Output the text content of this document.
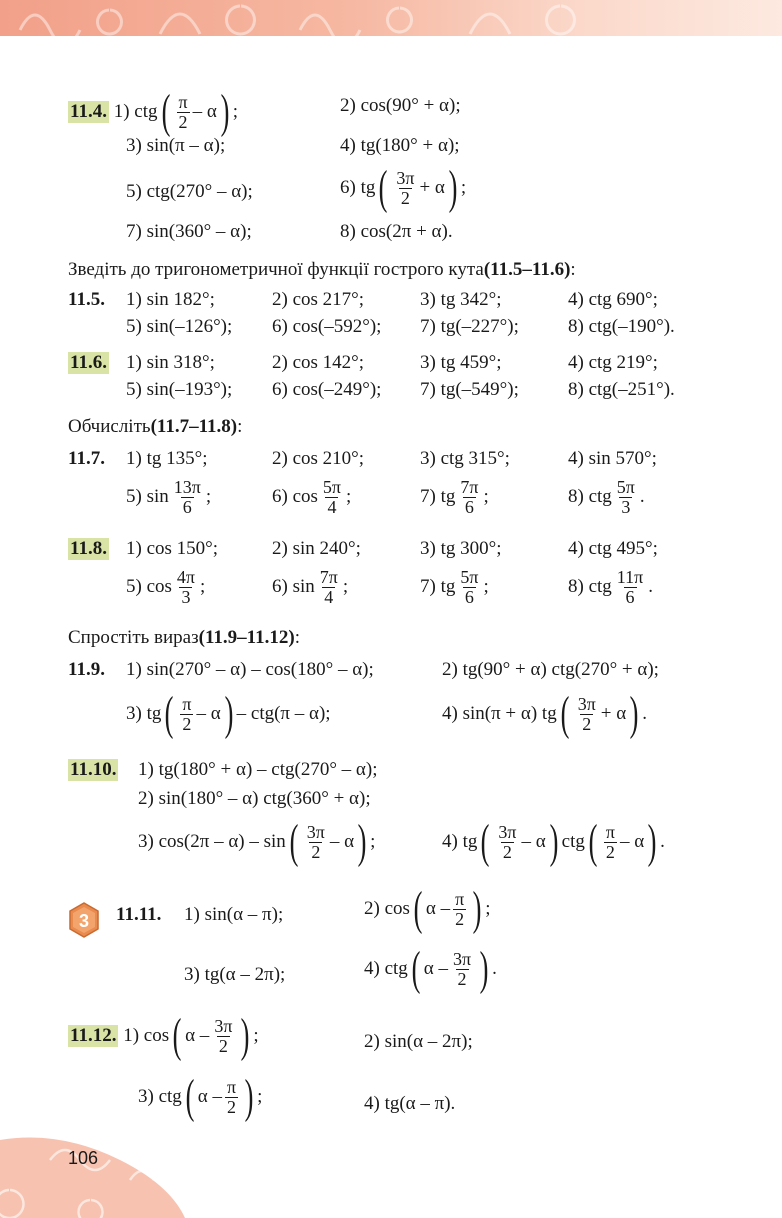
11.4.
1) ctg ( $\frac{\pi}{2}$ – α ) ;	2) cos(90° + α);
3) sin(π – α);	4) tg(180° + α);
5) ctg(270° – α);	6) tg ( $\frac{3\pi}{2} + \alpha$ ) ;
7) sin(360° – α);	8) cos(2π + α).
Зведіть до тригонометричної функції гострого кута (11.5–11.6) :
11.5. 1) sin 182°;	2) cos 217°;	3) tg 342°;	4) ctg 690°;
5) sin(–126°); 6) cos(–592°); 7) tg(–227°);	8) ctg(–190°).
11.6. 1) sin 318°;	2) cos 142°;	3) tg 459°;	4) ctg 219°;
5) sin(–193°); 6) cos(–249°); 7) tg(–549°);	8) ctg(–251°).
Обчисліть (11.7–11.8) :
11.7. 1) tg 135°;	2) cos 210°;	3) ctg 315°;	4) sin 570°;
5) $\sin \frac{13\pi}{6}$ ;	6) $\cos \frac{5\pi}{4}$ ;	7) tg $\frac{7\pi}{6}$ ;	8) ctg $\frac{5\pi}{3}$ .
11.8. 1) cos 150°;	2) sin 240°;	3) tg 300°;	4) ctg 495°;
5) $\cos \frac{4\pi}{3}$ ;	6) $\sin \frac{7\pi}{4}$ ;	7) tg $\frac{5\pi}{6}$ ;	8) ctg $\frac{11\pi}{6}$ .
Спростіть вираз (11.9–11.12) :
11.9. 1) sin(270° – α) – cos(180° – α);	2) tg(90° + α) ctg(270° + α);
3) tg ( $\frac{\pi}{2}$ – α ) – ctg(π – α);	4) sin(π + α) tg ( $\frac{3\pi}{2} + \alpha$ ) .
11.10. 1) tg(180° + α) – ctg(270° – α);
2) sin(180° – α) ctg(360° + α);
3) cos(2π – α) – sin ( $\frac{3\pi}{2}$ – α ) ;	4) tg ( $\frac{3\pi}{2}$ – α ) ctg ( $\frac{\pi}{2}$ – α ) .
3 11.11. 1) sin(α – π);	2) cos ( α – $\frac{\pi}{2}$ ) ;
3) tg(α – 2π);	4) ctg ( α – $\frac{3\pi}{2}$ ) .
11.12.
1) cos ( α – $\frac{3\pi}{2}$ ) ;	2) sin(α – 2π);
3) ctg ( α – $\frac{\pi}{2}$ ) ;	4) tg(α – π).
106
